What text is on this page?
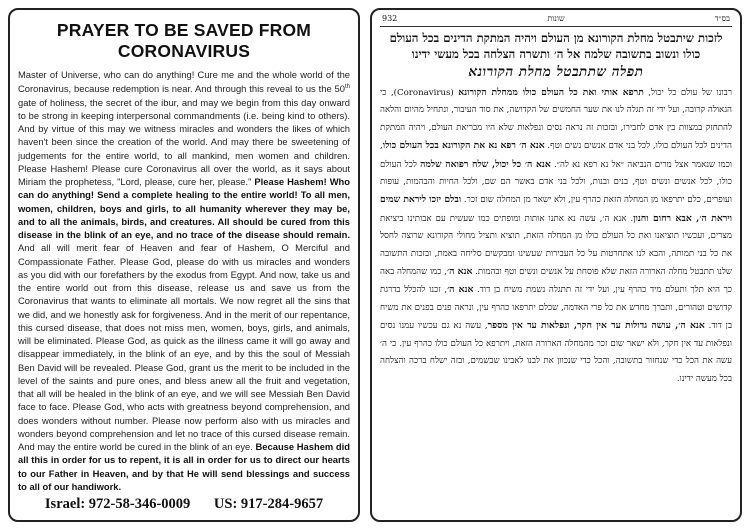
PRAYER TO BE SAVED FROM CORONAVIRUS
Master of Universe, who can do anything! Cure me and the whole world of the Coronavirus, because redemption is near. And through this reveal to us the 50th gate of holiness, the secret of the ibur, and may we begin from this day onward to be strong in keeping interpersonal commandments (i.e. being kind to others). And by virtue of this may we witness miracles and wonders the likes of which haven't been since the creation of the world. And may there be sweetening of judgements for the entire world, to all mankind, men women and children. Please Hashem! Please cure Coronavirus all over the world, as it says about Miriam the prophetess, "Lord, please, cure her, please." Please Hashem! Who can do anything! Send a complete healing to the entire world! To all men, women, children, boys and girls, to all humanity wherever they may be, and to all the animals, birds, and creatures. All should be cured from this disease in the blink of an eye, and no trace of the disease should remain. And all will merit fear of Heaven and fear of Hashem, O Merciful and Compassionate Father. Please God, please do with us miracles and wonders as you did with our forefathers by the exodus from Egypt. And now, take us and the entire world out from this disease, release us and save us from the Coronavirus that wants to eliminate all mortals. We now regret all the sins that we did, and we honestly ask for forgiveness. And in the merit of our repentance, this cursed disease, that does not miss men, women, boys, girls, and animals, will be eliminated. Please God, as quick as the illness came it will go away and disappear immediately, in the blink of an eye, and by this the soul of Messiah Ben David will be revealed. Please God, grant us the merit to be included in the level of the saints and pure ones, and bless anew all the fruit and vegetation, that all will be healed in the blink of an eye, and we will see Messiah Ben David face to face. Please God, who acts with greatness beyond comprehension, and does wonders without number. Please now perform also with us miracles and wonders beyond comprehension and let no trace of this cursed disease remain. And may the entire world be cured in the blink of an eye. Because Hashem did all this in order for us to repent, it is all in order for us to direct our hearts to our Father in Heaven, and by that He will send blessings and success to all of our handiwork.
Israel: 972-58-346-0009 US: 917-284-9657
בס״ד
שונות
932
לזכות שיתבטל מחלת הקורונא מן העולם ויהיה המתקת הדינים בכל העולם כולו ונשוב בתשובה שלמה אל ה׳ ותשרה הצלחה בכל מעשי ידינו
תפלה שתתבטל מחלת הקורונא
רבונו של עולם כל יכול, תרפא אותי ואת כל העולם כולו ממחלת הקורונא (Coronavirus), כי הגאולה קרובה, ועל ידי זה תגלה לנו את שער החמשים של הקדושה, את סוד העיבור, ונתחיל מהיום והלאה להתחזק במצוות בין אדם לחבירו, ובזכות זה נראה נסים ונפלאות שלא היו מבריאת העולם, ויהיה המתקת הדינים לכל העולם כולו, לכל בני אדם אנשים נשים וטף. אנא ה׳ רפא נא את הקורונא בכל העולם כולו, וכמו שנאמר אצל מרים הנביאה ״אל נא רפא נא לה״. אנא ה׳ כל יכול, שלח רפואה שלמה לכל העולם כולו, לכל אנשים ונשים וטף, בנים ובנות, ולכל בני אדם באשר הם שם, ולכל החיות והבהמות, עופות ועופרים, כלם יתרפאו מן המחלה הזאת כהרף עין, ולא ישאר מן המחלה שום זכר. ובלם יזכו ליראת שמים ויראת ה׳, אבא רחום וחנון. אנא ה׳, עשה נא אתנו אותות ומופתים כמו שעשית עם אבותינו ביציאת מצרים, ועכשיו תוציאנו ואת כל העולם כולו מן המחלה הזאת, תוציא ותציל מחולי הקורונא שרוצה לחסל את כל בני תמותה, והבא לנו אתחרטות על כל העבירות שעשינו ומבקשים סליחה באמת, ובזכות התשובה שלנו תתבטל מחלה הארורה הזאת שלא פוסחת על אנשים ונשים וטף ובהמות. אנא ה׳, כמו שהמחלה באה כך היא תלך ותעלם מיד כהרף עין, ועל ידי זה תתגלה נשמת משיח בן דוד. אנא ה׳, זכנו להכלל בדרגת קדושים וטהורים, ותברך מחדש את כל פרי האדמה, שכלם יתרפאו כהרף עין, ונראה פנים בפנים את משיח בן דוד. אנא ה׳, עושה גדולות עד אין חקר, ונפלאות עד אין מספר, עשה נא גם עכשיו עמנו נסים ונפלאות עד אין חקר, ולא ישאר שום זכר מהמחלה הארורה הזאת, ויתרפא כל העולם כולו כהרף עין. כי ה׳ עשה את הכל כדי שנחזור בתשובה, והכל כדי שנכוון את לבנו לאבינו שבשמים, ובזה ישלח ברכה והצלחה בכל מעשה ידינו.
